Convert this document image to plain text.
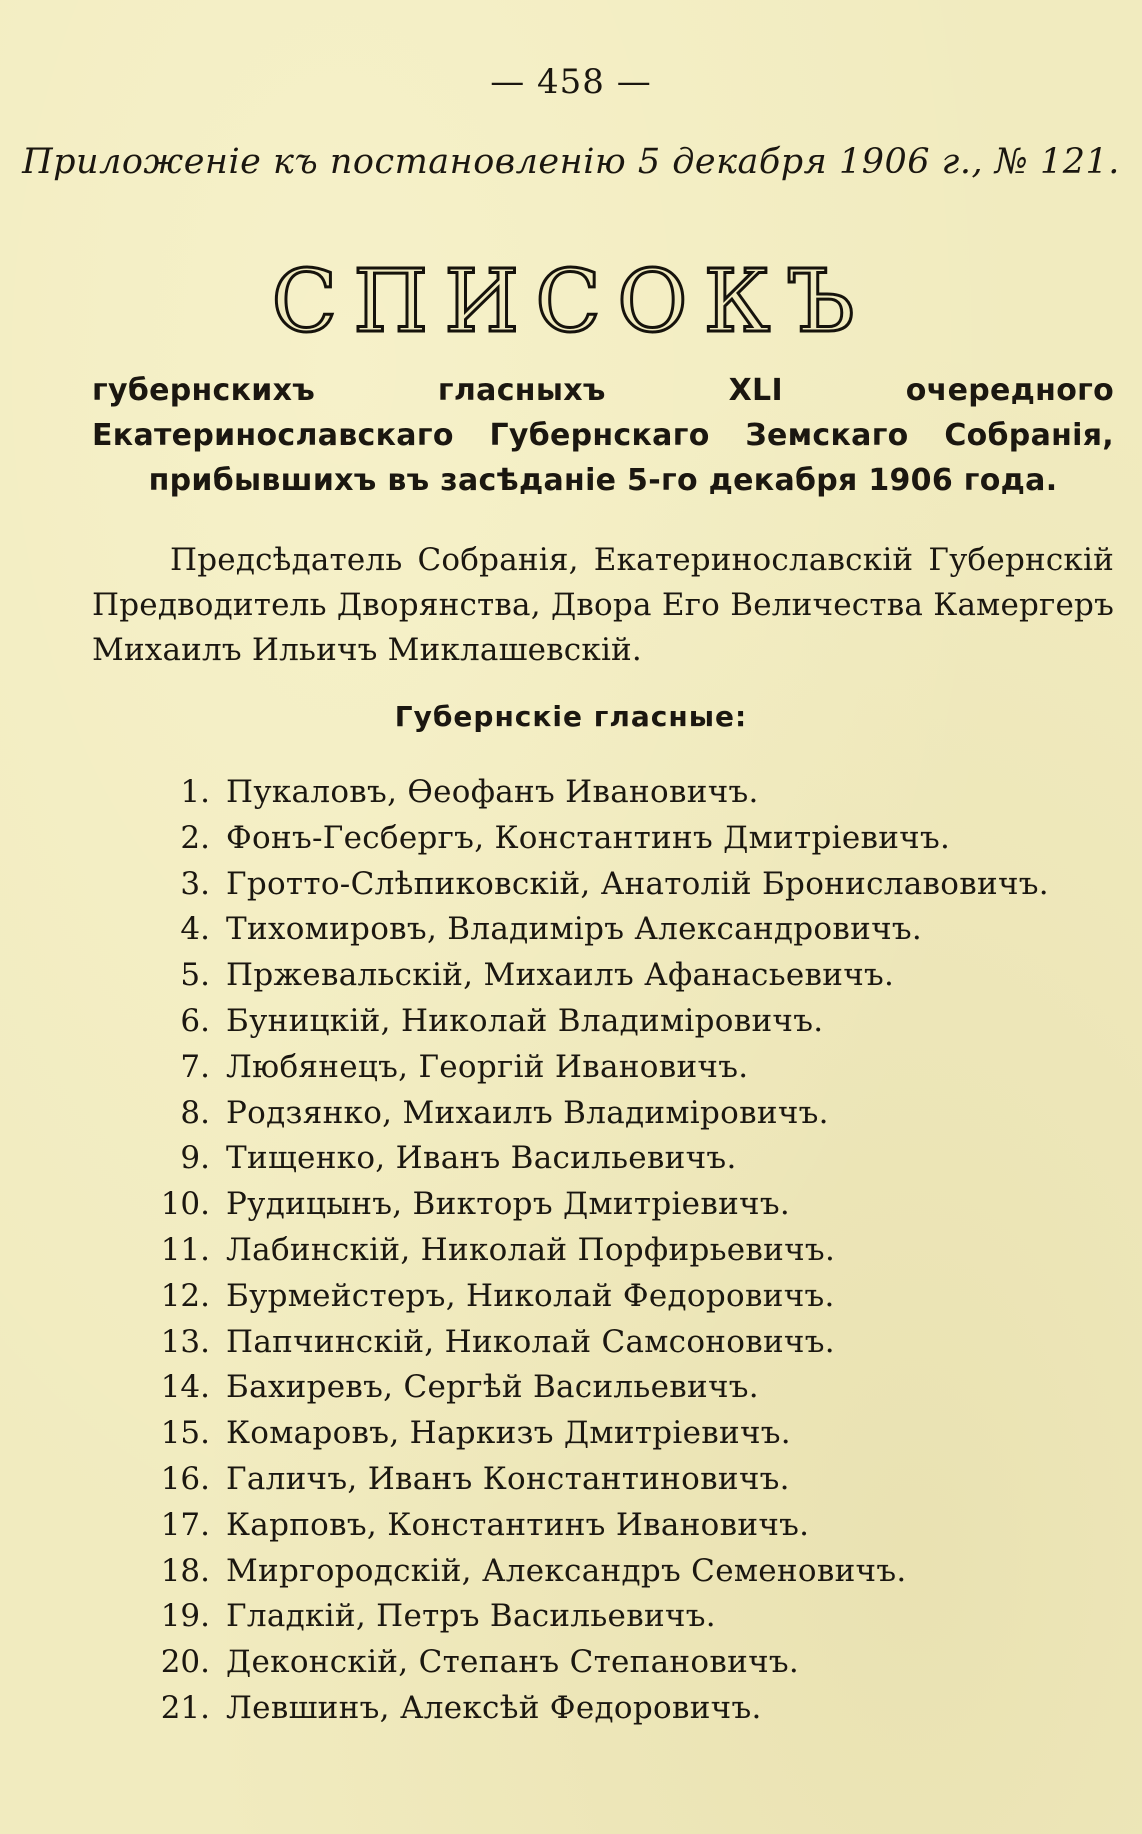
— 458 —
Приложеніе къ постановленію 5 декабря 1906 г., № 121.
СПИСОКЪ
губернскихъ гласныхъ XLI очередного Екатеринославскаго Губернскаго Земскаго Собранія, прибывшихъ въ засѣданіе 5-го декабря 1906 года.
Предсѣдатель Собранія, Екатеринославскій Губернскій Предводитель Дворянства, Двора Его Величества Камергеръ Михаилъ Ильичъ Миклашевскій.
Губернскіе гласные:
1. Пукаловъ, Ѳеофанъ Ивановичъ.
2. Фонъ-Гесбергъ, Константинъ Дмитріевичъ.
3. Гротто-Слѣпиковскій, Анатолій Брониславовичъ.
4. Тихомировъ, Владиміръ Александровичъ.
5. Пржевальскій, Михаилъ Афанасьевичъ.
6. Буницкій, Николай Владиміровичъ.
7. Любянецъ, Георгій Ивановичъ.
8. Родзянко, Михаилъ Владиміровичъ.
9. Тищенко, Иванъ Васильевичъ.
10. Рудицынъ, Викторъ Дмитріевичъ.
11. Лабинскій, Николай Порфирьевичъ.
12. Бурмейстеръ, Николай Федоровичъ.
13. Папчинскій, Николай Самсоновичъ.
14. Бахиревъ, Сергѣй Васильевичъ.
15. Комаровъ, Наркизъ Дмитріевичъ.
16. Галичъ, Иванъ Константиновичъ.
17. Карповъ, Константинъ Ивановичъ.
18. Миргородскій, Александръ Семеновичъ.
19. Гладкій, Петръ Васильевичъ.
20. Деконскій, Степанъ Степановичъ.
21. Левшинъ, Алексѣй Федоровичъ.
